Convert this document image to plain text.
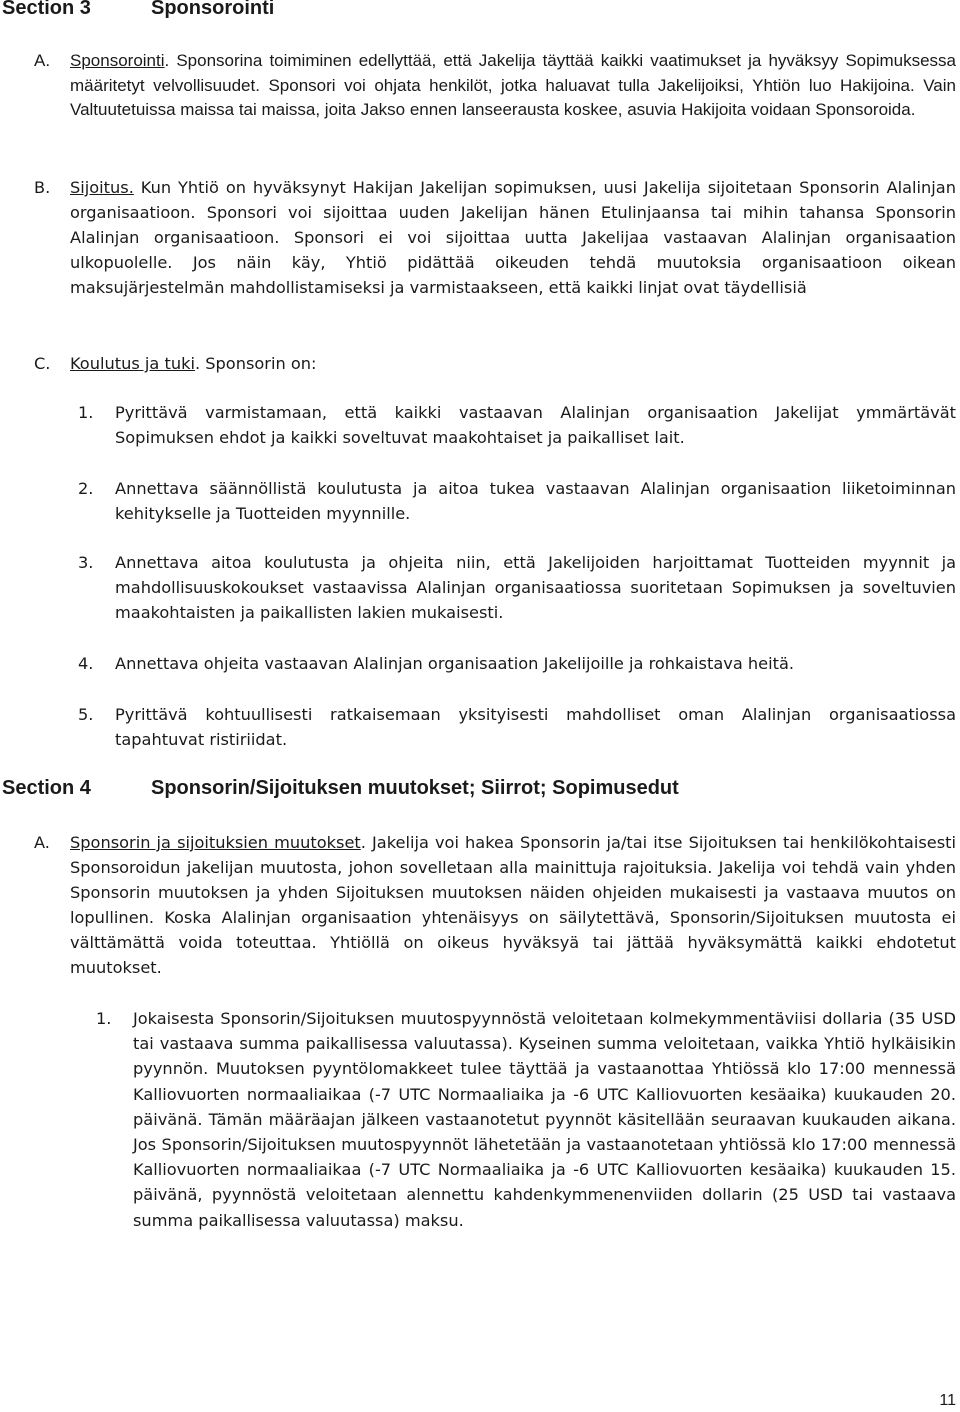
Section 3	Sponsorointi
A. Sponsorointi. Sponsorina toimiminen edellyttää, että Jakelija täyttää kaikki vaatimukset ja hyväksyy Sopimuksessa määritetyt velvollisuudet. Sponsori voi ohjata henkilöt, jotka haluavat tulla Jakelijoiksi, Yhtiön luo Hakijoina. Vain Valtuutetuissa maissa tai maissa, joita Jakso ennen lanseerausta koskee, asuvia Hakijoita voidaan Sponsoroida.
B. Sijoitus. Kun Yhtiö on hyväksynyt Hakijan Jakelijan sopimuksen, uusi Jakelija sijoitetaan Sponsorin Alalinjan organisaatioon. Sponsori voi sijoittaa uuden Jakelijan hänen Etulinjaansa tai mihin tahansa Sponsorin Alalinjan organisaatioon. Sponsori ei voi sijoittaa uutta Jakelijaa vastaavan Alalinjan organisaation ulkopuolelle. Jos näin käy, Yhtiö pidättää oikeuden tehdä muutoksia organisaatioon oikean maksujärjestelmän mahdollistamiseksi ja varmistaakseen, että kaikki linjat ovat täydellisiä
C. Koulutus ja tuki. Sponsorin on:
1. Pyrittävä varmistamaan, että kaikki vastaavan Alalinjan organisaation Jakelijat ymmärtävät Sopimuksen ehdot ja kaikki soveltuvat maakohtaiset ja paikalliset lait.
2. Annettava säännöllistä koulutusta ja aitoa tukea vastaavan Alalinjan organisaation liiketoiminnan kehitykselle ja Tuotteiden myynnille.
3. Annettava aitoa koulutusta ja ohjeita niin, että Jakelijoiden harjoittamat Tuotteiden myynnit ja mahdollisuuskokoukset vastaavissa Alalinjan organisaatiossa suoritetaan Sopimuksen ja soveltuvien maakohtaisten ja paikallisten lakien mukaisesti.
4. Annettava ohjeita vastaavan Alalinjan organisaation Jakelijoille ja rohkaistava heitä.
5. Pyrittävä kohtuullisesti ratkaisemaan yksityisesti mahdolliset oman Alalinjan organisaatiossa tapahtuvat ristiriidat.
Section 4	Sponsorin/Sijoituksen muutokset; Siirrot; Sopimusedut
A. Sponsorin ja sijoituksien muutokset. Jakelija voi hakea Sponsorin ja/tai itse Sijoituksen tai henkilökohtaisesti Sponsoroidun jakelijan muutosta, johon sovelletaan alla mainittuja rajoituksia. Jakelija voi tehdä vain yhden Sponsorin muutoksen ja yhden Sijoituksen muutoksen näiden ohjeiden mukaisesti ja vastaava muutos on lopullinen. Koska Alalinjan organisaation yhtenäisyys on säilytettävä, Sponsorin/Sijoituksen muutosta ei välttämättä voida toteuttaa. Yhtiöllä on oikeus hyväksyä tai jättää hyväksymättä kaikki ehdotetut muutokset.
1. Jokaisesta Sponsorin/Sijoituksen muutospyynnöstä veloitetaan kolmekymmentäviisi dollaria (35 USD tai vastaava summa paikallisessa valuutassa). Kyseinen summa veloitetaan, vaikka Yhtiö hylkäisikin pyynnön. Muutoksen pyyntölomakkeet tulee täyttää ja vastaanottaa Yhtiössä klo 17:00 mennessä Kalliovuorten normaaliaikaa (-7 UTC Normaaliaika ja -6 UTC Kalliovuorten kesäaika) kuukauden 20. päivänä. Tämän määräajan jälkeen vastaanotetut pyynnöt käsitellään seuraavan kuukauden aikana. Jos Sponsorin/Sijoituksen muutospyynnöt lähetetään ja vastaanotetaan yhtiössä klo 17:00 mennessä Kalliovuorten normaaliaikaa (-7 UTC Normaaliaika ja -6 UTC Kalliovuorten kesäaika) kuukauden 15. päivänä, pyynnöstä veloitetaan alennettu kahdenkymmenenviiden dollarin (25 USD tai vastaava summa paikallisessa valuutassa) maksu.
11
